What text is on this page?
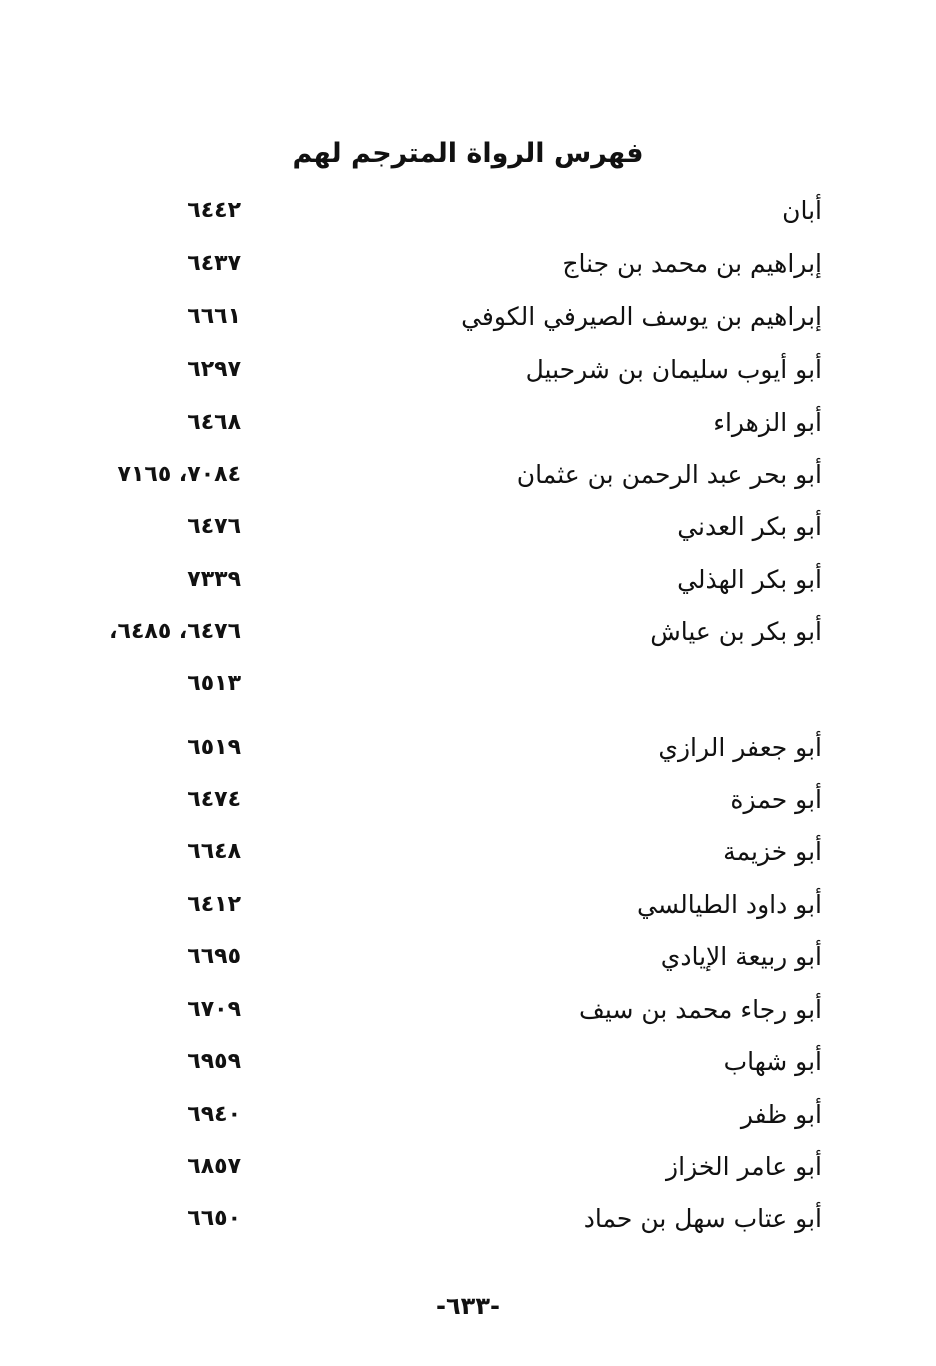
فهرس الرواة المترجم لهم
أبان
٦٤٤٢
إبراهيم بن محمد بن جناج
٦٤٣٧
إبراهيم بن يوسف الصيرفي الكوفي
٦٦٦١
أبو أيوب سليمان بن شرحبيل
٦٢٩٧
أبو الزهراء
٦٤٦٨
أبو بحر عبد الرحمن بن عثمان
٧٠٨٤، ٧١٦٥
أبو بكر العدني
٦٤٧٦
أبو بكر الهذلي
٧٣٣٩
أبو بكر بن عياش
٦٤٧٦، ٦٤٨٥،
٦٥١٣
أبو جعفر الرازي
٦٥١٩
أبو حمزة
٦٤٧٤
أبو خزيمة
٦٦٤٨
أبو داود الطيالسي
٦٤١٢
أبو ربيعة الإيادي
٦٦٩٥
أبو رجاء محمد بن سيف
٦٧٠٩
أبو شهاب
٦٩٥٩
أبو ظفر
٦٩٤٠
أبو عامر الخزاز
٦٨٥٧
أبو عتاب سهل بن حماد
٦٦٥٠
-٦٣٣-
